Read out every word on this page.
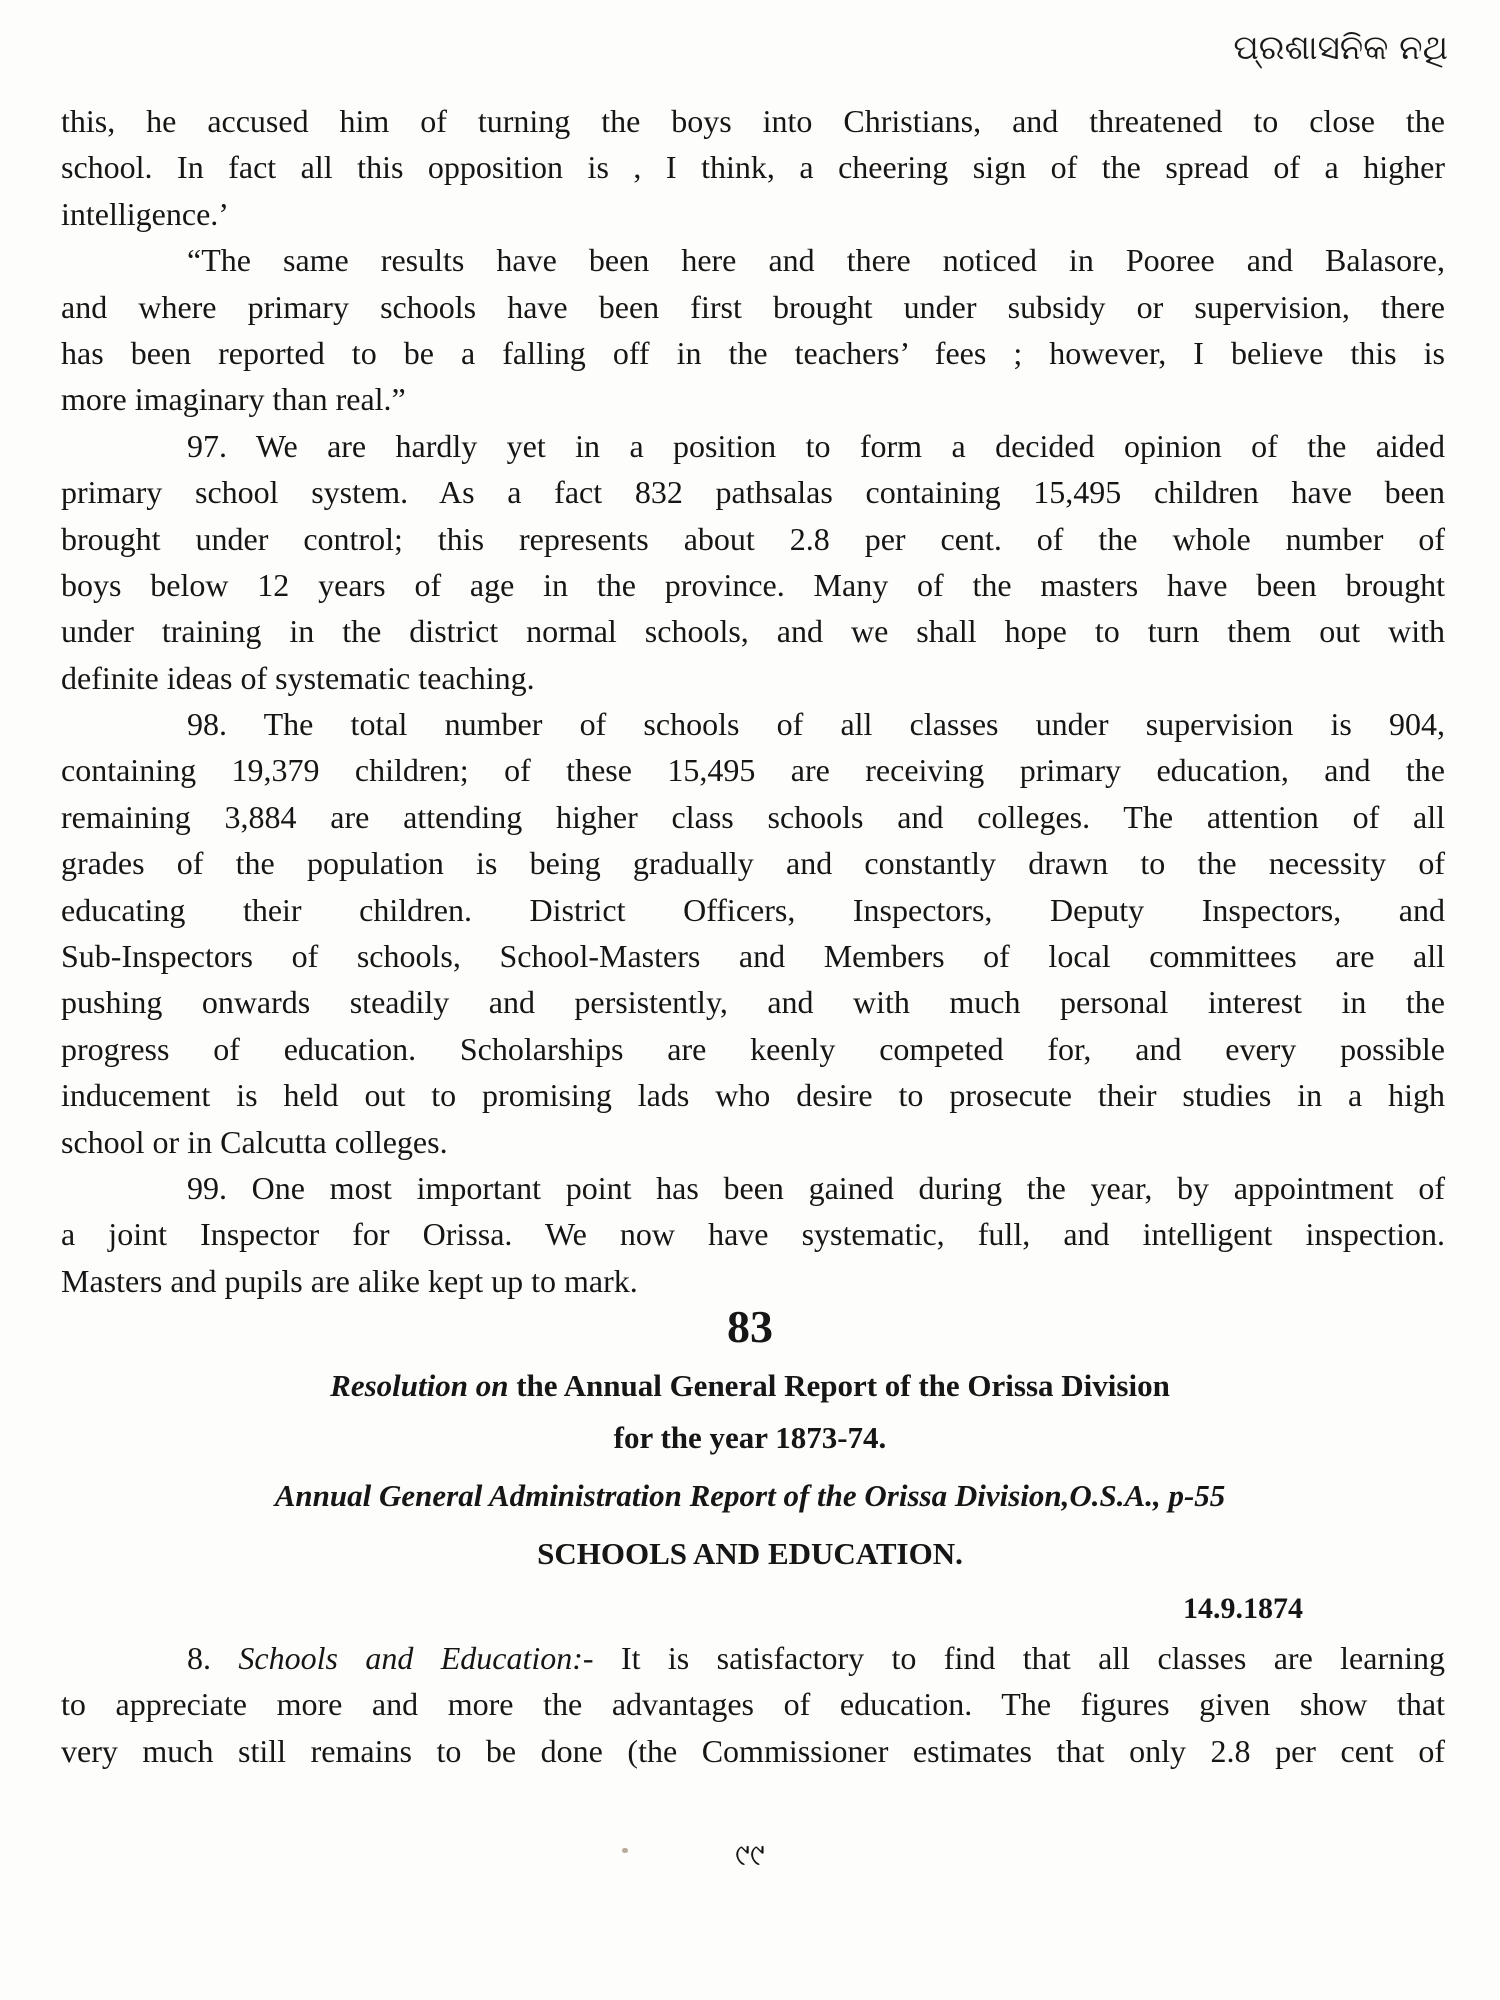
ପ୍ରଶାସନିକ ନଥି
this, he accused him of turning the boys into Christians, and threatened to close the
school. In fact all this opposition is , I think, a cheering sign of the spread of a higher
intelligence.’
“The same results have been here and there noticed in Pooree and Balasore,
and where primary schools have been first brought under subsidy or supervision, there
has been reported to be a falling off in the teachers’ fees ; however, I believe this is
more imaginary than real.”
97. We are hardly yet in a position to form a decided opinion of the aided
primary school system. As a fact 832 pathsalas containing 15,495 children have been
brought under control; this represents about 2.8 per cent. of the whole number of
boys below 12 years of age in the province. Many of the masters have been brought
under training in the district normal schools, and we shall hope to turn them out with
definite ideas of systematic teaching.
98. The total number of schools of all classes under supervision is 904,
containing 19,379 children; of these 15,495 are receiving primary education, and the
remaining 3,884 are attending higher class schools and colleges. The attention of all
grades of the population is being gradually and constantly drawn to the necessity of
educating their children. District Officers, Inspectors, Deputy Inspectors, and
Sub-Inspectors of schools, School-Masters and Members of local committees are all
pushing onwards steadily and persistently, and with much personal interest in the
progress of education. Scholarships are keenly competed for, and every possible
inducement is held out to promising lads who desire to prosecute their studies in a high
school or in Calcutta colleges.
99. One most important point has been gained during the year, by appointment of
a joint Inspector for Orissa. We now have systematic, full, and intelligent inspection.
Masters and pupils are alike kept up to mark.
83
Resolution on the Annual General Report of the Orissa Division
for the year 1873-74.
Annual General Administration Report of the Orissa Division,O.S.A., p-55
SCHOOLS AND EDUCATION.
14.9.1874
8. Schools and Education:- It is satisfactory to find that all classes are learning
to appreciate more and more the advantages of education. The figures given show that
very much still remains to be done (the Commissioner estimates that only 2.8 per cent of
୯୯
